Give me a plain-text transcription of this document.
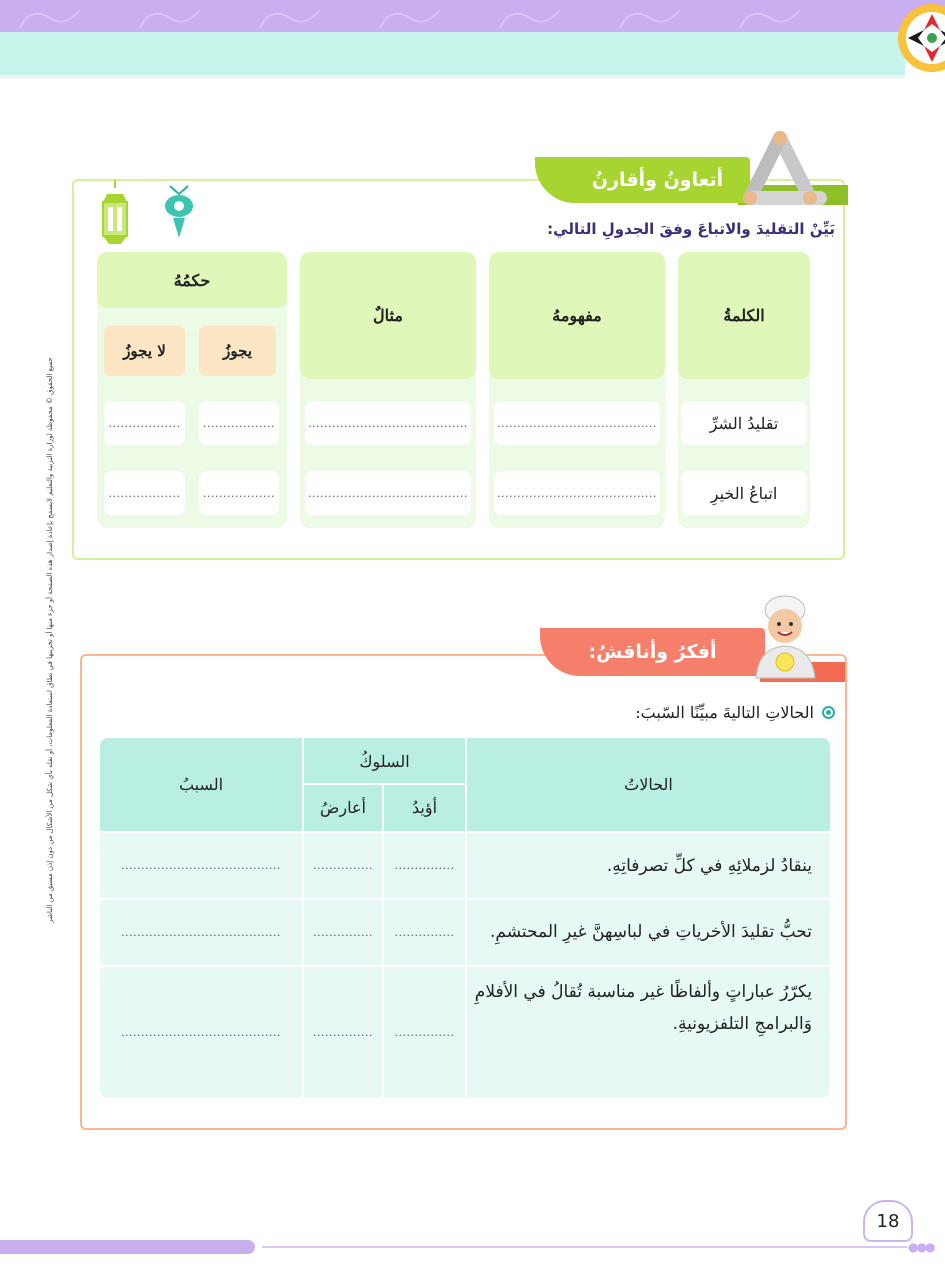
جميع الحقوق © محفوظة لوزارة التربية والتعليم لايسمح بإعادة إصدار هذه الصفحة أو جزء منها أو تخزينها في نطاق استعادة المعلومات، أو نقله بأي شكل من الأشكال من دون إذن مسبق من الناشر
أتعاونُ وأقارنُ
بَيِّنْ التقليدَ والاتباعَ وفقَ الجدولِ التالي:
الكلمةُ
مفهومهُ
مثالٌ
حكمُهُ
يجوزُ
لا يجوزُ
تقليدُ الشرِّ
........................................
........................................
..................
..................
اتباعُ الخيرِ
........................................
........................................
..................
..................
أفكرُ وأناقشُ:
الحالاتِ التاليةَ مبيِّنًا السّببَ:
الحالاتُ
السلوكُ
أؤيدُ
أعارضُ
السببُ
ينقادُ لزملائِهِ في كلِّ تصرفاتِهِ.
...............
...............
........................................
تحبُّ تقليدَ الأخرياتِ في لباسِهنَّ غيرِ المحتشمِ.
...............
...............
........................................
يكرّرُ عباراتٍ وألفاظًا غير مناسبة تُقالُ في الأفلامِ وَالبرامجِ التلفزيونيةِ.
...............
...............
........................................
18
●●●
